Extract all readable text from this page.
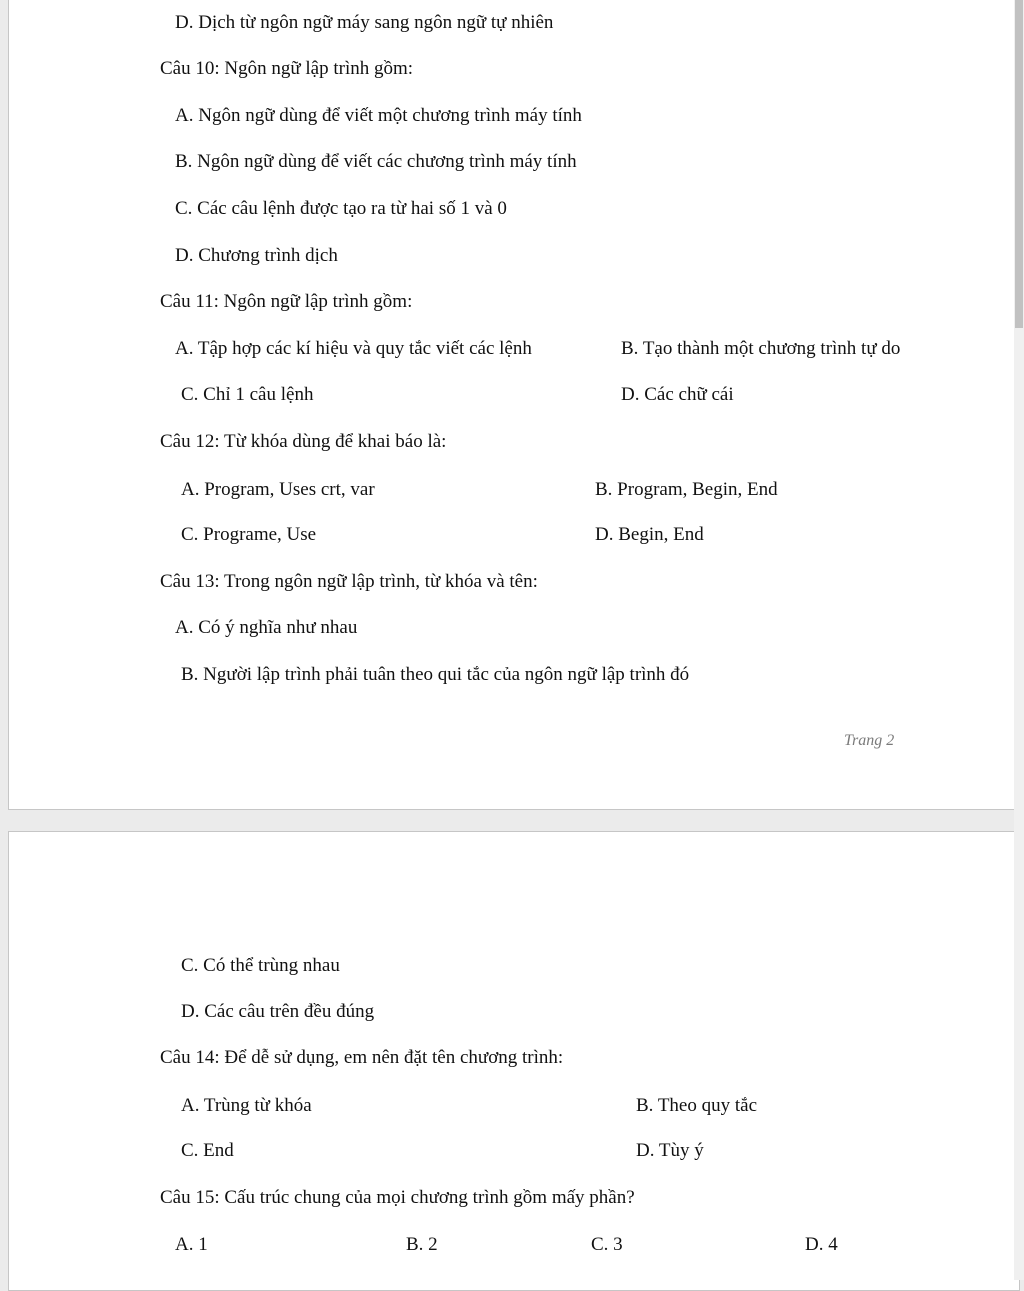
D. Dịch từ ngôn ngữ máy sang ngôn ngữ tự nhiên
Câu 10: Ngôn ngữ lập trình gồm:
A. Ngôn ngữ dùng để viết một chương trình máy tính
B. Ngôn ngữ dùng để viết các chương trình máy tính
C. Các câu lệnh được tạo ra từ hai số 1 và 0
D. Chương trình dịch
Câu 11: Ngôn ngữ lập trình gồm:
A. Tập hợp các kí hiệu và quy tắc viết các lệnh	B. Tạo thành một chương trình tự do
C. Chỉ 1 câu lệnh	D. Các chữ cái
Câu 12: Từ khóa dùng để khai báo là:
A. Program, Uses crt, var	B. Program, Begin, End
C. Programe, Use	D. Begin, End
Câu 13: Trong ngôn ngữ lập trình, từ khóa và tên:
A. Có ý nghĩa như nhau
B. Người lập trình phải tuân theo qui tắc của ngôn ngữ lập trình đó
Trang 2
C. Có thể trùng nhau
D. Các câu trên đều đúng
Câu 14: Để dễ sử dụng, em nên đặt tên chương trình:
A. Trùng từ khóa	B. Theo quy tắc
C. End	D. Tùy ý
Câu 15: Cấu trúc chung của mọi chương trình gồm mấy phần?
A. 1	B. 2	C. 3	D. 4
